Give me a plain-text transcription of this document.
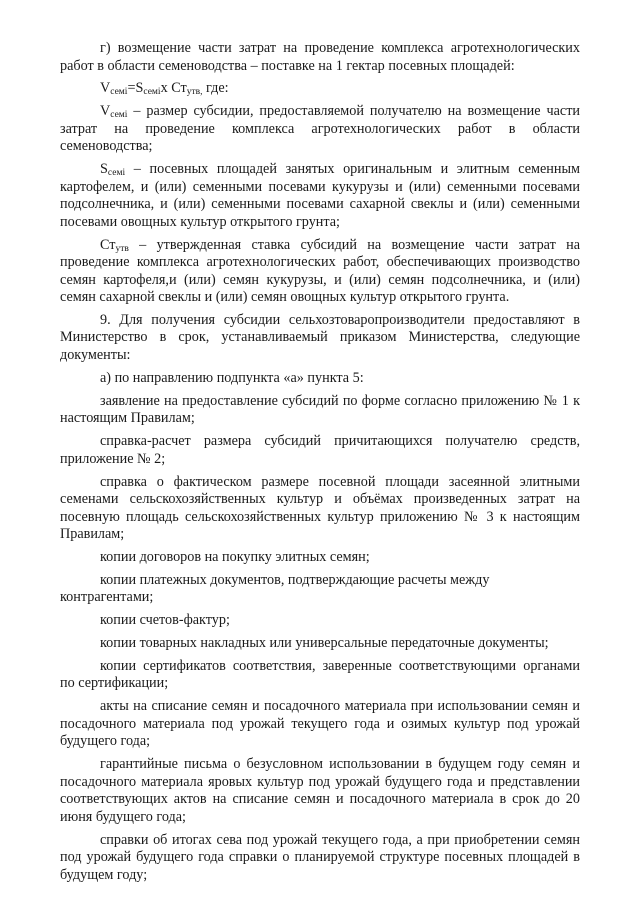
г) возмещение части затрат на проведение комплекса агротехнологических работ в области семеноводства – поставке на 1 гектар посевных площадей:

$V_{семi}=S_{семi}х$ $Ст_{утв,}$ где:

$V_{семi}$ – размер субсидии, предоставляемой получателю на возмещение части затрат на проведение комплекса агротехнологических работ в области семеноводства;

$S_{семi}$ – посевных площадей занятых оригинальным и элитным семенным картофелем, и (или) семенными посевами кукурузы и (или) семенными посевами подсолнечника, и (или) семенными посевами сахарной свеклы и (или) семенными посевами овощных культур открытого грунта;

$Ст_{утв}$ – утвержденная ставка субсидий на возмещение части затрат на проведение комплекса агротехнологических работ, обеспечивающих производство семян картофеля,и (или) семян кукурузы, и (или) семян подсолнечника, и (или) семян сахарной свеклы и (или) семян овощных культур открытого грунта.

9. Для получения субсидии сельхозтоваропроизводители предоставляют в Министерство в срок, устанавливаемый приказом Министерства, следующие документы:

а) по направлению подпункта «а» пункта 5:

заявление на предоставление субсидий по форме согласно приложению № 1 к настоящим Правилам;

справка-расчет размера субсидий причитающихся получателю средств, приложение № 2;

справка о фактическом размере посевной площади засеянной элитными семенами сельскохозяйственных культур и объёмах произведенных затрат на посевную площадь сельскохозяйственных культур приложению № 3 к настоящим Правилам;

копии договоров на покупку элитных семян;

копии платежных документов, подтверждающие расчеты между контрагентами;

копии счетов-фактур;

копии товарных накладных или универсальные передаточные документы;

копии сертификатов соответствия, заверенные соответствующими органами по сертификации;

акты на списание семян и посадочного материала при использовании семян и посадочного материала под урожай текущего года и озимых культур под урожай будущего года;

гарантийные письма о безусловном использовании в будущем году семян и посадочного материала яровых культур под урожай будущего года и представлении соответствующих актов на списание семян и посадочного материала в срок до 20 июня будущего года;

справки об итогах сева под урожай текущего года, а при приобретении семян под урожай будущего года справки о планируемой структуре посевных площадей в будущем году;
